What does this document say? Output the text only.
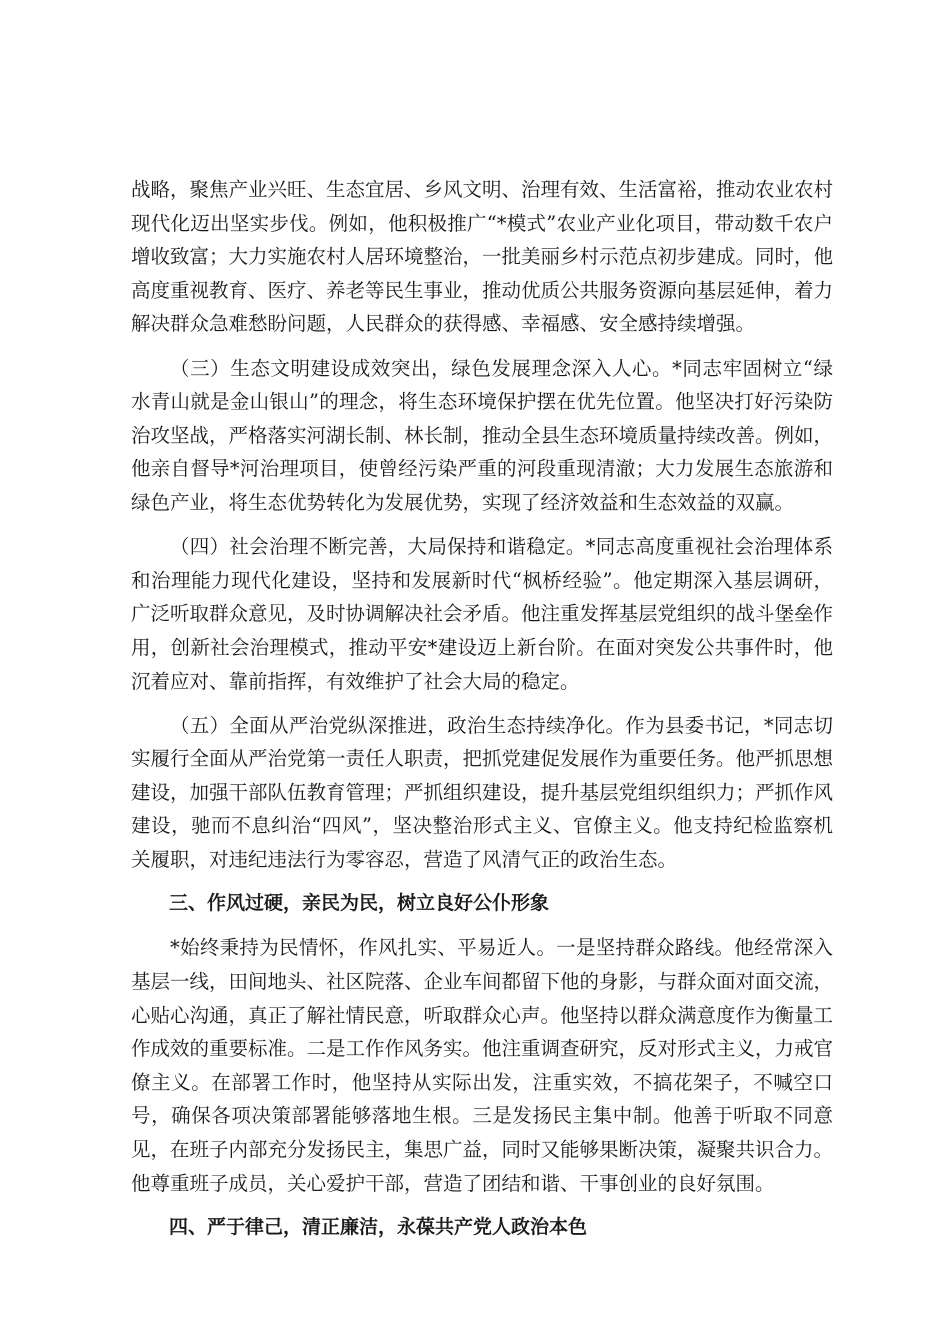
战略，聚焦产业兴旺、生态宜居、乡风文明、治理有效、生活富裕，推动农业农村现代化迈出坚实步伐。例如，他积极推广“*模式”农业产业化项目，带动数千农户增收致富；大力实施农村人居环境整治，一批美丽乡村示范点初步建成。同时，他高度重视教育、医疗、养老等民生事业，推动优质公共服务资源向基层延伸，着力解决群众急难愁盼问题，人民群众的获得感、幸福感、安全感持续增强。

（三）生态文明建设成效突出，绿色发展理念深入人心。*同志牢固树立“绿水青山就是金山银山”的理念，将生态环境保护摆在优先位置。他坚决打好污染防治攻坚战，严格落实河湖长制、林长制，推动全县生态环境质量持续改善。例如，他亲自督导*河治理项目，使曾经污染严重的河段重现清澈；大力发展生态旅游和绿色产业，将生态优势转化为发展优势，实现了经济效益和生态效益的双赢。

（四）社会治理不断完善，大局保持和谐稳定。*同志高度重视社会治理体系和治理能力现代化建设，坚持和发展新时代“枫桥经验”。他定期深入基层调研，广泛听取群众意见，及时协调解决社会矛盾。他注重发挥基层党组织的战斗堡垒作用，创新社会治理模式，推动平安*建设迈上新台阶。在面对突发公共事件时，他沉着应对、靠前指挥，有效维护了社会大局的稳定。

（五）全面从严治党纵深推进，政治生态持续净化。作为县委书记，*同志切实履行全面从严治党第一责任人职责，把抓党建促发展作为重要任务。他严抓思想建设，加强干部队伍教育管理；严抓组织建设，提升基层党组织组织力；严抓作风建设，驰而不息纠治“四风”，坚决整治形式主义、官僚主义。他支持纪检监察机关履职，对违纪违法行为零容忍，营造了风清气正的政治生态。

三、作风过硬，亲民为民，树立良好公仆形象

*始终秉持为民情怀，作风扎实、平易近人。一是坚持群众路线。他经常深入基层一线，田间地头、社区院落、企业车间都留下他的身影，与群众面对面交流，心贴心沟通，真正了解社情民意，听取群众心声。他坚持以群众满意度作为衡量工作成效的重要标准。二是工作作风务实。他注重调查研究，反对形式主义，力戒官僚主义。在部署工作时，他坚持从实际出发，注重实效，不搞花架子，不喊空口号，确保各项决策部署能够落地生根。三是发扬民主集中制。他善于听取不同意见，在班子内部充分发扬民主，集思广益，同时又能够果断决策，凝聚共识合力。他尊重班子成员，关心爱护干部，营造了团结和谐、干事创业的良好氛围。

四、严于律己，清正廉洁，永葆共产党人政治本色
